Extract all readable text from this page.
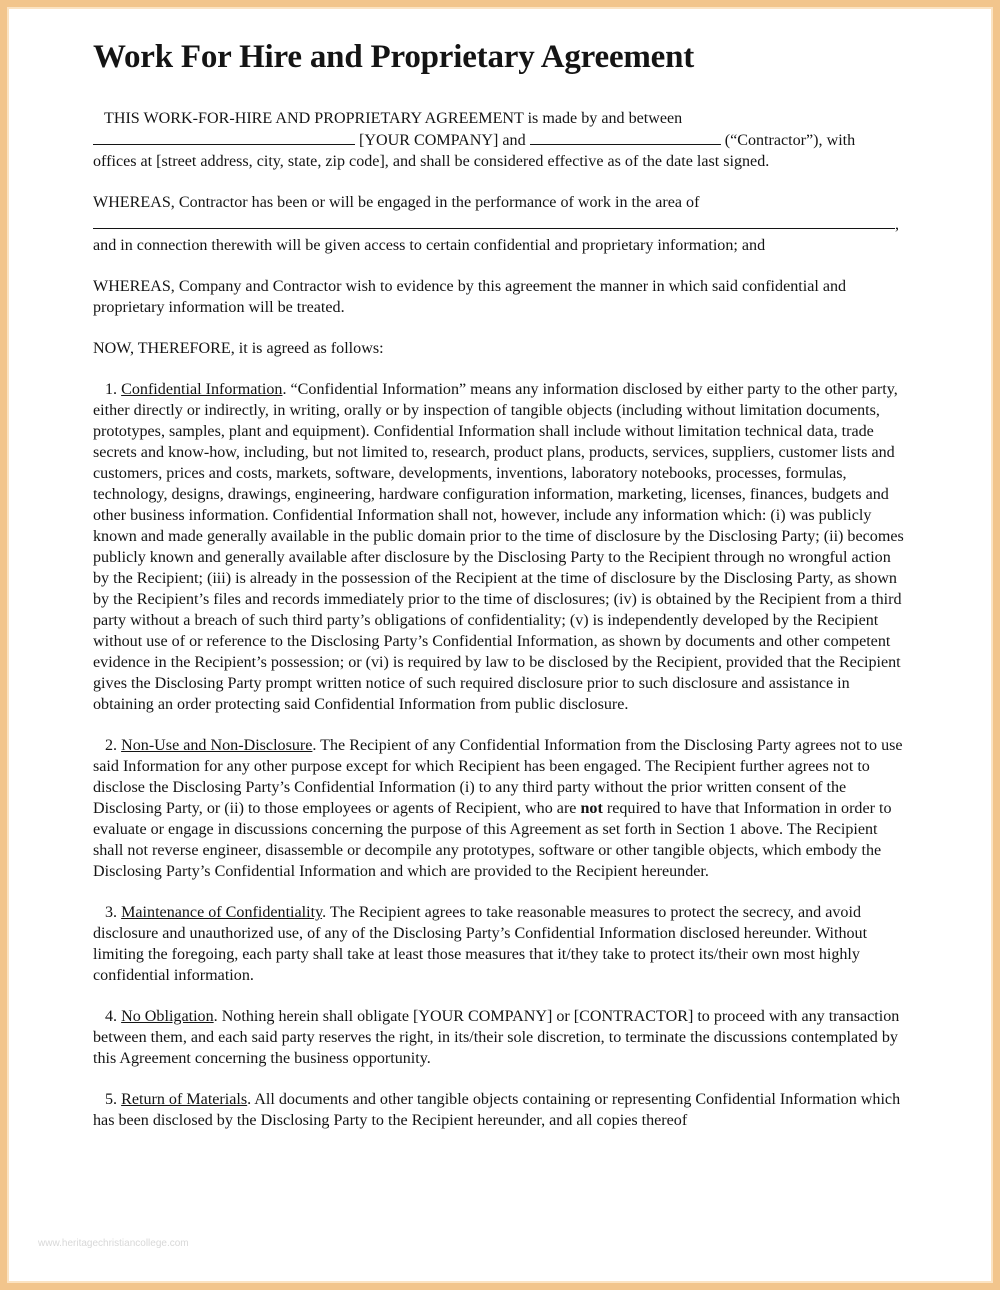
Work For Hire and Proprietary Agreement

THIS WORK-FOR-HIRE AND PROPRIETARY AGREEMENT is made by and between
[YOUR COMPANY] and	(“Contractor”), with
offices at [street address, city, state, zip code], and shall be considered effective as of the date last signed.

WHEREAS, Contractor has been or will be engaged in the performance of work in the area of
,
and in connection therewith will be given access to certain confidential and proprietary information; and

WHEREAS, Company and Contractor wish to evidence by this agreement the manner in which said confidential and proprietary information will be treated.

NOW, THEREFORE, it is agreed as follows:

1. Confidential Information. “Confidential Information” means any information disclosed by either party to the other party, either directly or indirectly, in writing, orally or by inspection of tangible objects (including without limitation documents, prototypes, samples, plant and equipment). Confidential Information shall include without limitation technical data, trade secrets and know-how, including, but not limited to, research, product plans, products, services, suppliers, customer lists and customers, prices and costs, markets, software, developments, inventions, laboratory notebooks, processes, formulas, technology, designs, drawings, engineering, hardware configuration information, marketing, licenses, finances, budgets and other business information. Confidential Information shall not, however, include any information which: (i) was publicly known and made generally available in the public domain prior to the time of disclosure by the Disclosing Party; (ii) becomes publicly known and generally available after disclosure by the Disclosing Party to the Recipient through no wrongful action by the Recipient; (iii) is already in the possession of the Recipient at the time of disclosure by the Disclosing Party, as shown by the Recipient’s files and records immediately prior to the time of disclosures; (iv) is obtained by the Recipient from a third party without a breach of such third party’s obligations of confidentiality; (v) is independently developed by the Recipient without use of or reference to the Disclosing Party’s Confidential Information, as shown by documents and other competent evidence in the Recipient’s possession; or (vi) is required by law to be disclosed by the Recipient, provided that the Recipient gives the Disclosing Party prompt written notice of such required disclosure prior to such disclosure and assistance in obtaining an order protecting said Confidential Information from public disclosure.

2. Non-Use and Non-Disclosure. The Recipient of any Confidential Information from the Disclosing Party agrees not to use said Information for any other purpose except for which Recipient has been engaged. The Recipient further agrees not to disclose the Disclosing Party’s Confidential Information (i) to any third party without the prior written consent of the Disclosing Party, or (ii) to those employees or agents of Recipient, who are not required to have that Information in order to evaluate or engage in discussions concerning the purpose of this Agreement as set forth in Section 1 above. The Recipient shall not reverse engineer, disassemble or decompile any prototypes, software or other tangible objects, which embody the Disclosing Party’s Confidential Information and which are provided to the Recipient hereunder.

3. Maintenance of Confidentiality. The Recipient agrees to take reasonable measures to protect the secrecy, and avoid disclosure and unauthorized use, of any of the Disclosing Party’s Confidential Information disclosed hereunder. Without limiting the foregoing, each party shall take at least those measures that it/they take to protect its/their own most highly confidential information.

4. No Obligation. Nothing herein shall obligate [YOUR COMPANY] or [CONTRACTOR] to proceed with any transaction between them, and each said party reserves the right, in its/their sole discretion, to terminate the discussions contemplated by this Agreement concerning the business opportunity.

5. Return of Materials. All documents and other tangible objects containing or representing Confidential Information which has been disclosed by the Disclosing Party to the Recipient hereunder, and all copies thereof

www.heritagechristiancollege.com
